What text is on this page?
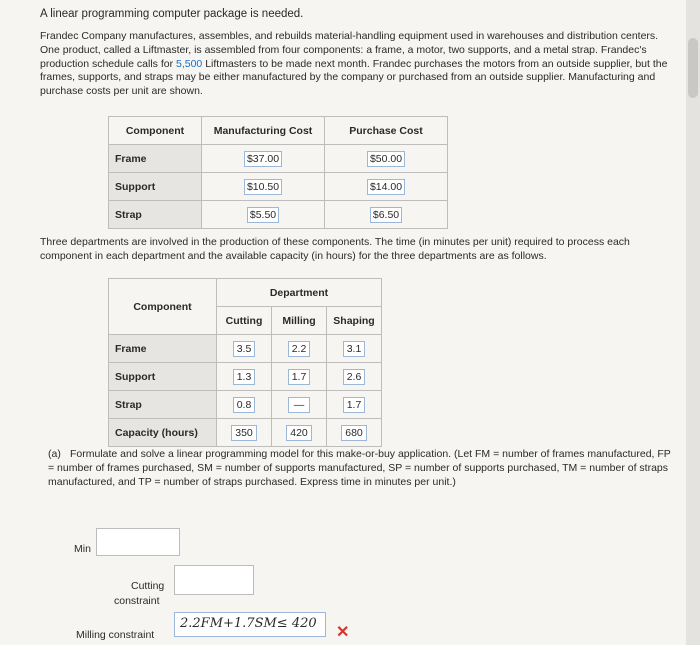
A linear programming computer package is needed.
Frandec Company manufactures, assembles, and rebuilds material-handling equipment used in warehouses and distribution centers. One product, called a Liftmaster, is assembled from four components: a frame, a motor, two supports, and a metal strap. Frandec's production schedule calls for 5,500 Liftmasters to be made next month. Frandec purchases the motors from an outside supplier, but the frames, supports, and straps may be either manufactured by the company or purchased from an outside supplier. Manufacturing and purchase costs per unit are shown.
Component	Manufacturing Cost	Purchase Cost
Frame	$37.00	$50.00
Support	$10.50	$14.00
Strap	$5.50	$6.50
Three departments are involved in the production of these components. The time (in minutes per unit) required to process each component in each department and the available capacity (in hours) for the three departments are as follows.
Component	Department		
	Cutting	Milling	Shaping
Frame	3.5	2.2	3.1
Support	1.3	1.7	2.6
Strap	0.8	—	1.7
Capacity (hours)	350	420	680
(a) Formulate and solve a linear programming model for this make-or-buy application. (Let FM = number of frames manufactured, FP = number of frames purchased, SM = number of supports manufactured, SP = number of supports purchased, TM = number of straps manufactured, and TP = number of straps purchased. Express time in minutes per unit.)
Min
Cutting
constraint
Milling constraint
2.2FM+1.7SM≤ 420
✕
